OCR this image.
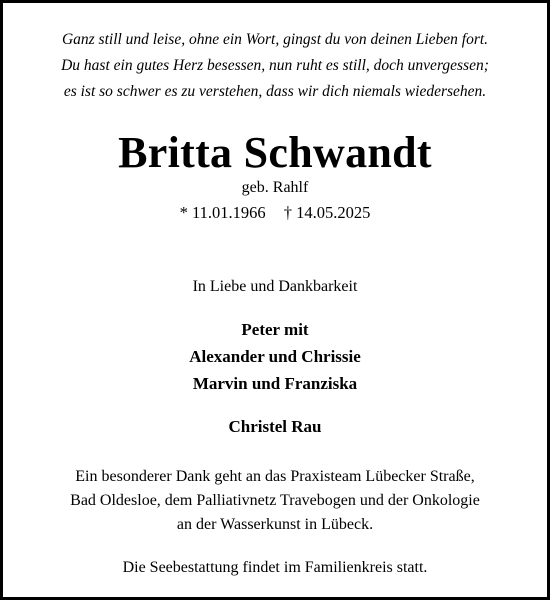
Ganz still und leise, ohne ein Wort, gingst du von deinen Lieben fort.
Du hast ein gutes Herz besessen, nun ruht es still, doch unvergessen;
es ist so schwer es zu verstehen, dass wir dich niemals wiedersehen.
Britta Schwandt
geb. Rahlf
* 11.01.1966 † 14.05.2025
In Liebe und Dankbarkeit
Peter mit
Alexander und Chrissie
Marvin und Franziska
Christel Rau
Ein besonderer Dank geht an das Praxisteam Lübecker Straße,
Bad Oldesloe, dem Palliativnetz Travebogen und der Onkologie
an der Wasserkunst in Lübeck.
Die Seebestattung findet im Familienkreis statt.
